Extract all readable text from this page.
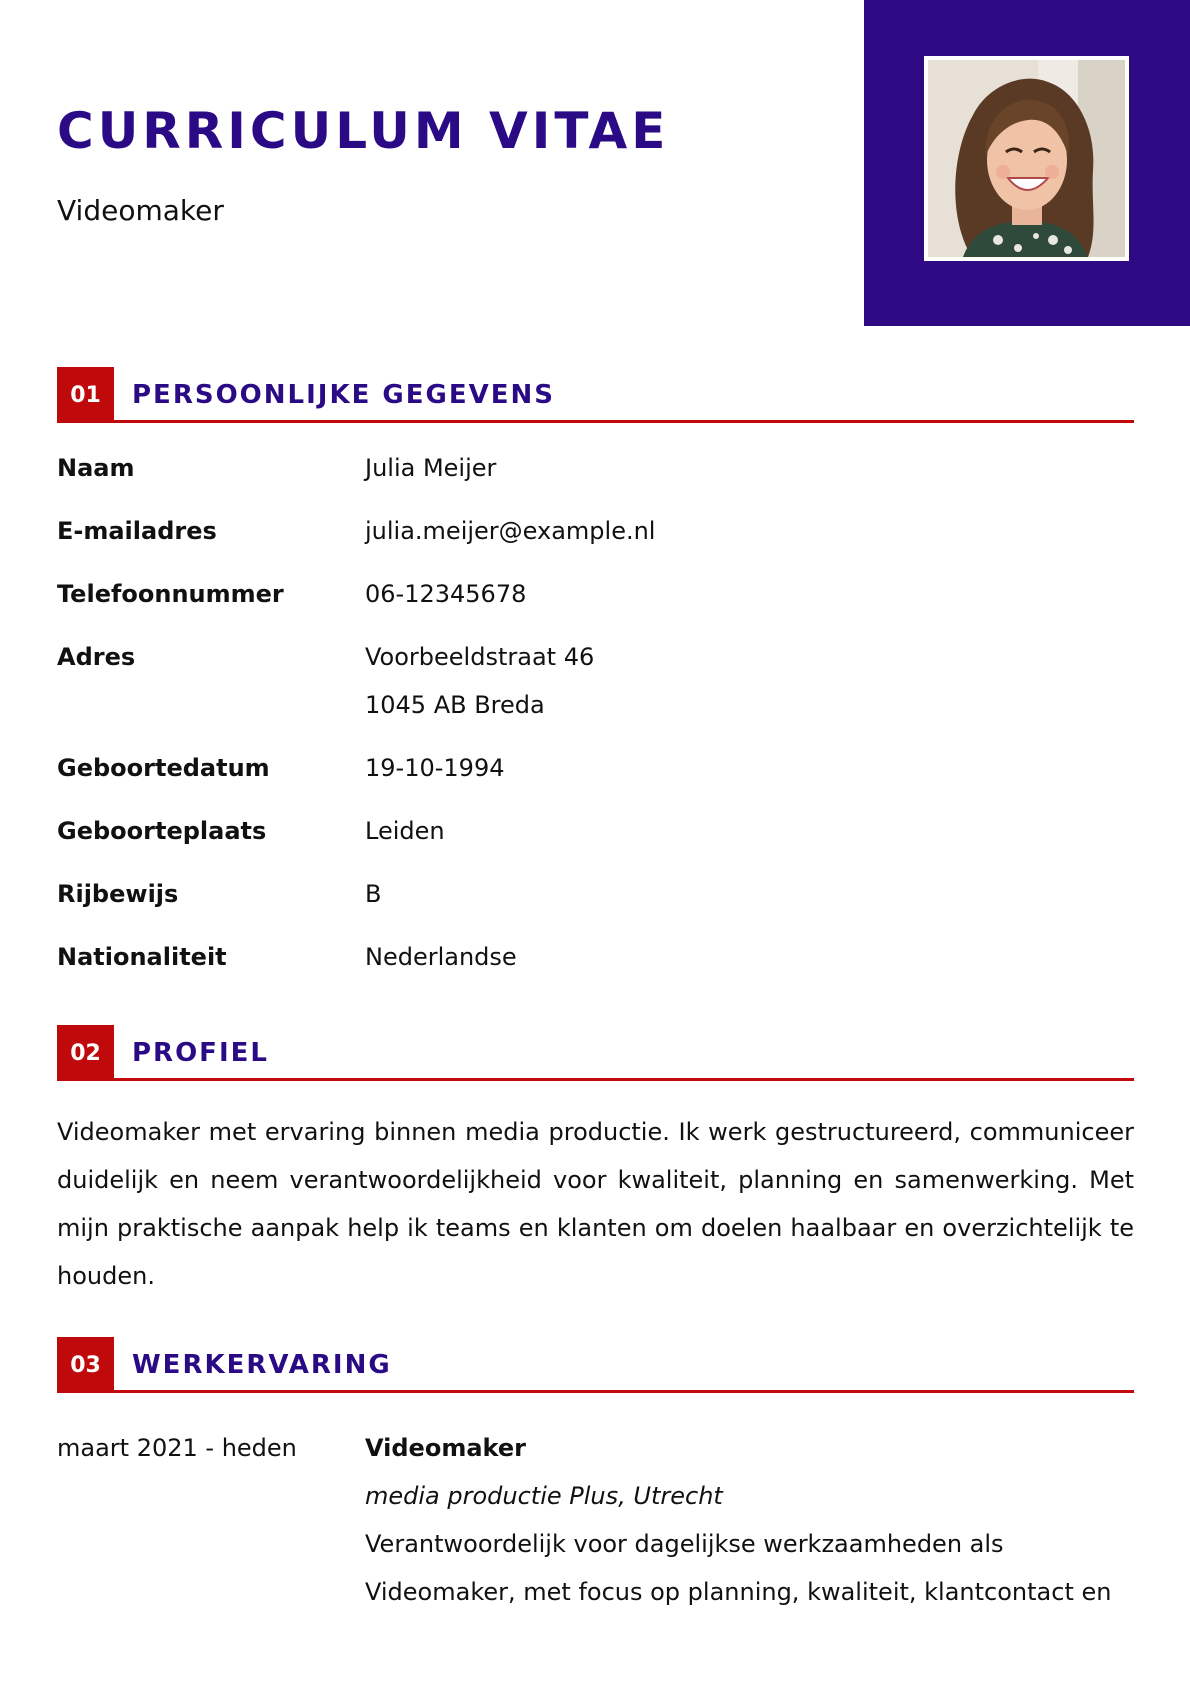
CURRICULUM VITAE

Videomaker

01	PERSOONLIJKE GEGEVENS
Naam	Julia Meijer
E-mailadres	julia.meijer@example.nl
Telefoonnummer	06-12345678
Adres	Voorbeeldstraat 46
1045 AB Breda
Geboortedatum	19-10-1994
Geboorteplaats	Leiden
Rijbewijs	B
Nationaliteit	Nederlandse
02	PROFIEL

Videomaker met ervaring binnen media productie. Ik werk gestructureerd, communiceer duidelijk en neem verantwoordelijkheid voor kwaliteit, planning en samenwerking. Met mijn praktische aanpak help ik teams en klanten om doelen haalbaar en overzichtelijk te houden.

03	WERKERVARING
maart 2021 - heden	Videomaker
media productie Plus, Utrecht
Verantwoordelijk voor dagelijkse werkzaamheden als Videomaker, met focus op planning, kwaliteit, klantcontact en
